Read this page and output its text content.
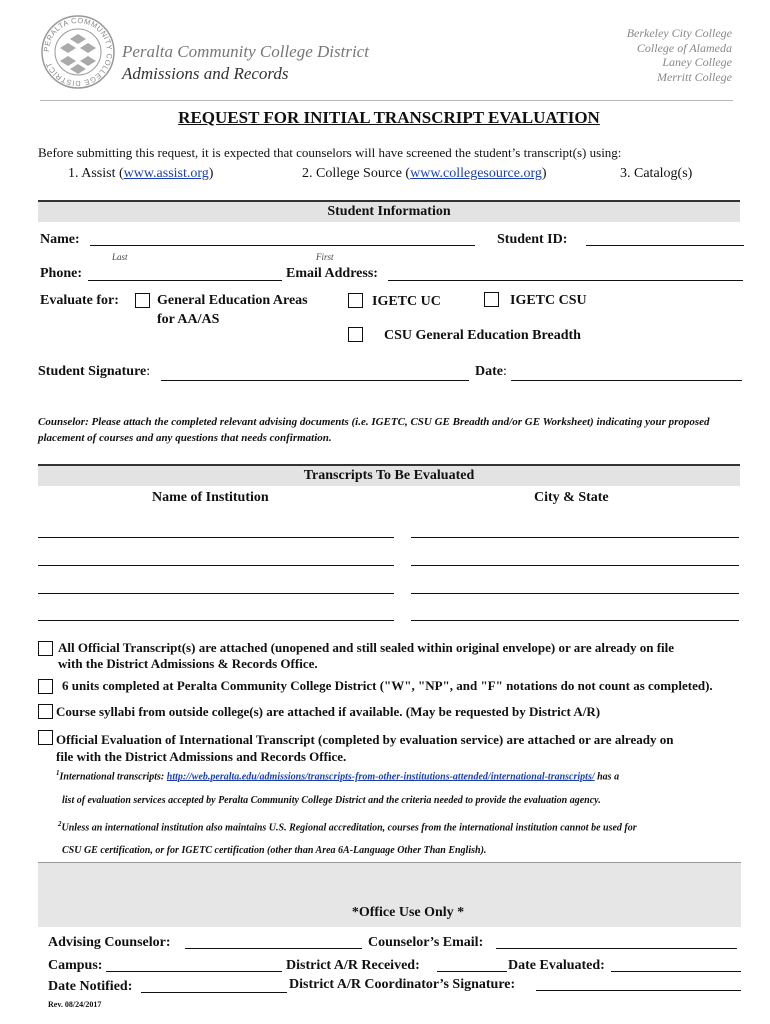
PERALTA COMMUNITY COLLEGE DISTRICT
Peralta Community College District
Admissions and Records
Berkeley City College
College of Alameda
Laney College
Merritt College
REQUEST FOR INITIAL TRANSCRIPT EVALUATION
Before submitting this request, it is expected that counselors will have screened the student’s transcript(s) using:
1. Assist (www.assist.org)	2. College Source (www.collegesource.org)	3. Catalog(s)
Student Information
Name:
Last	First
Student ID:
Phone:	Email Address:
Evaluate for:	General Education Areas
for AA/AS
IGETC UC	IGETC CSU
CSU General Education Breadth
Student Signature:	Date:
Counselor: Please attach the completed relevant advising documents (i.e. IGETC, CSU GE Breadth and/or GE Worksheet) indicating your proposed placement of courses and any questions that needs confirmation.
Transcripts To Be Evaluated
Name of Institution	City & State
All Official Transcript(s) are attached (unopened and still sealed within original envelope) or are already on file
with the District Admissions & Records Office.
6 units completed at Peralta Community College District ("W", "NP", and "F" notations do not count as completed).
Course syllabi from outside college(s) are attached if available. (May be requested by District A/R)
Official Evaluation of International Transcript (completed by evaluation service) are attached or are already on
file with the District Admissions and Records Office.
$^1$International transcripts: http://web.peralta.edu/admissions/transcripts-from-other-institutions-attended/international-transcripts/ has a
list of evaluation services accepted by Peralta Community College District and the criteria needed to provide the evaluation agency.
$^2$Unless an international institution also maintains U.S. Regional accreditation, courses from the international institution cannot be used for
CSU GE certification, or for IGETC certification (other than Area 6A-Language Other Than English).
*Office Use Only *
Advising Counselor:	Counselor’s Email:
Campus:	District A/R Received:	Date Evaluated:
Date Notified:	District A/R Coordinator’s Signature:
Rev. 08/24/2017
